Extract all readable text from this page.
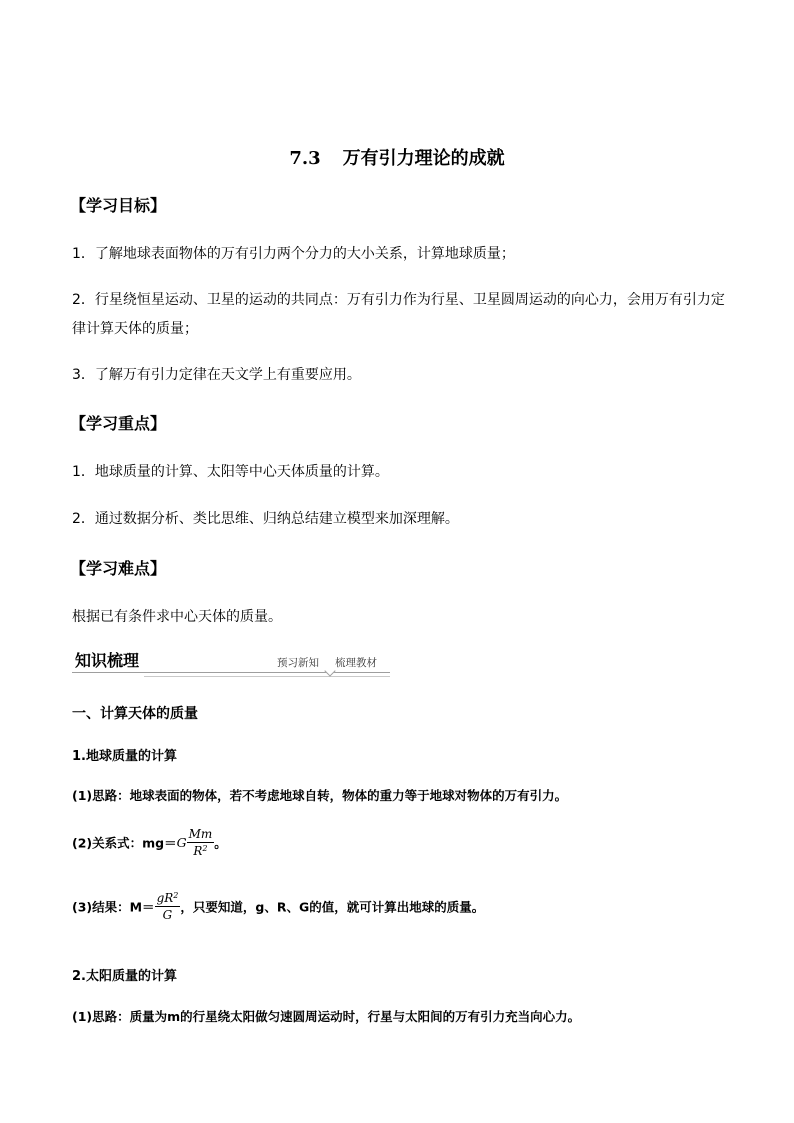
7.3 万有引力理论的成就
【学习目标】
1．了解地球表面物体的万有引力两个分力的大小关系，计算地球质量；
2．行星绕恒星运动、卫星的运动的共同点：万有引力作为行星、卫星圆周运动的向心力，会用万有引力定律计算天体的质量；
3．了解万有引力定律在天文学上有重要应用。
【学习重点】
1．地球质量的计算、太阳等中心天体质量的计算。
2．通过数据分析、类比思维、归纳总结建立模型来加深理解。
【学习难点】
根据已有条件求中心天体的质量。
知识梳理	预习新知 梳理教材
一、计算天体的质量
1.地球质量的计算
(1)思路：地球表面的物体，若不考虑地球自转，物体的重力等于地球对物体的万有引力。
(2)关系式：$mg=G \frac{Mm}{R^2}$ 。
(3)结果：$M= \frac{gR^2}{G}$ ，只要知道，g、R、G的值，就可计算出地球的质量。
2.太阳质量的计算
(1)思路：质量为m的行星绕太阳做匀速圆周运动时，行星与太阳间的万有引力充当向心力。
